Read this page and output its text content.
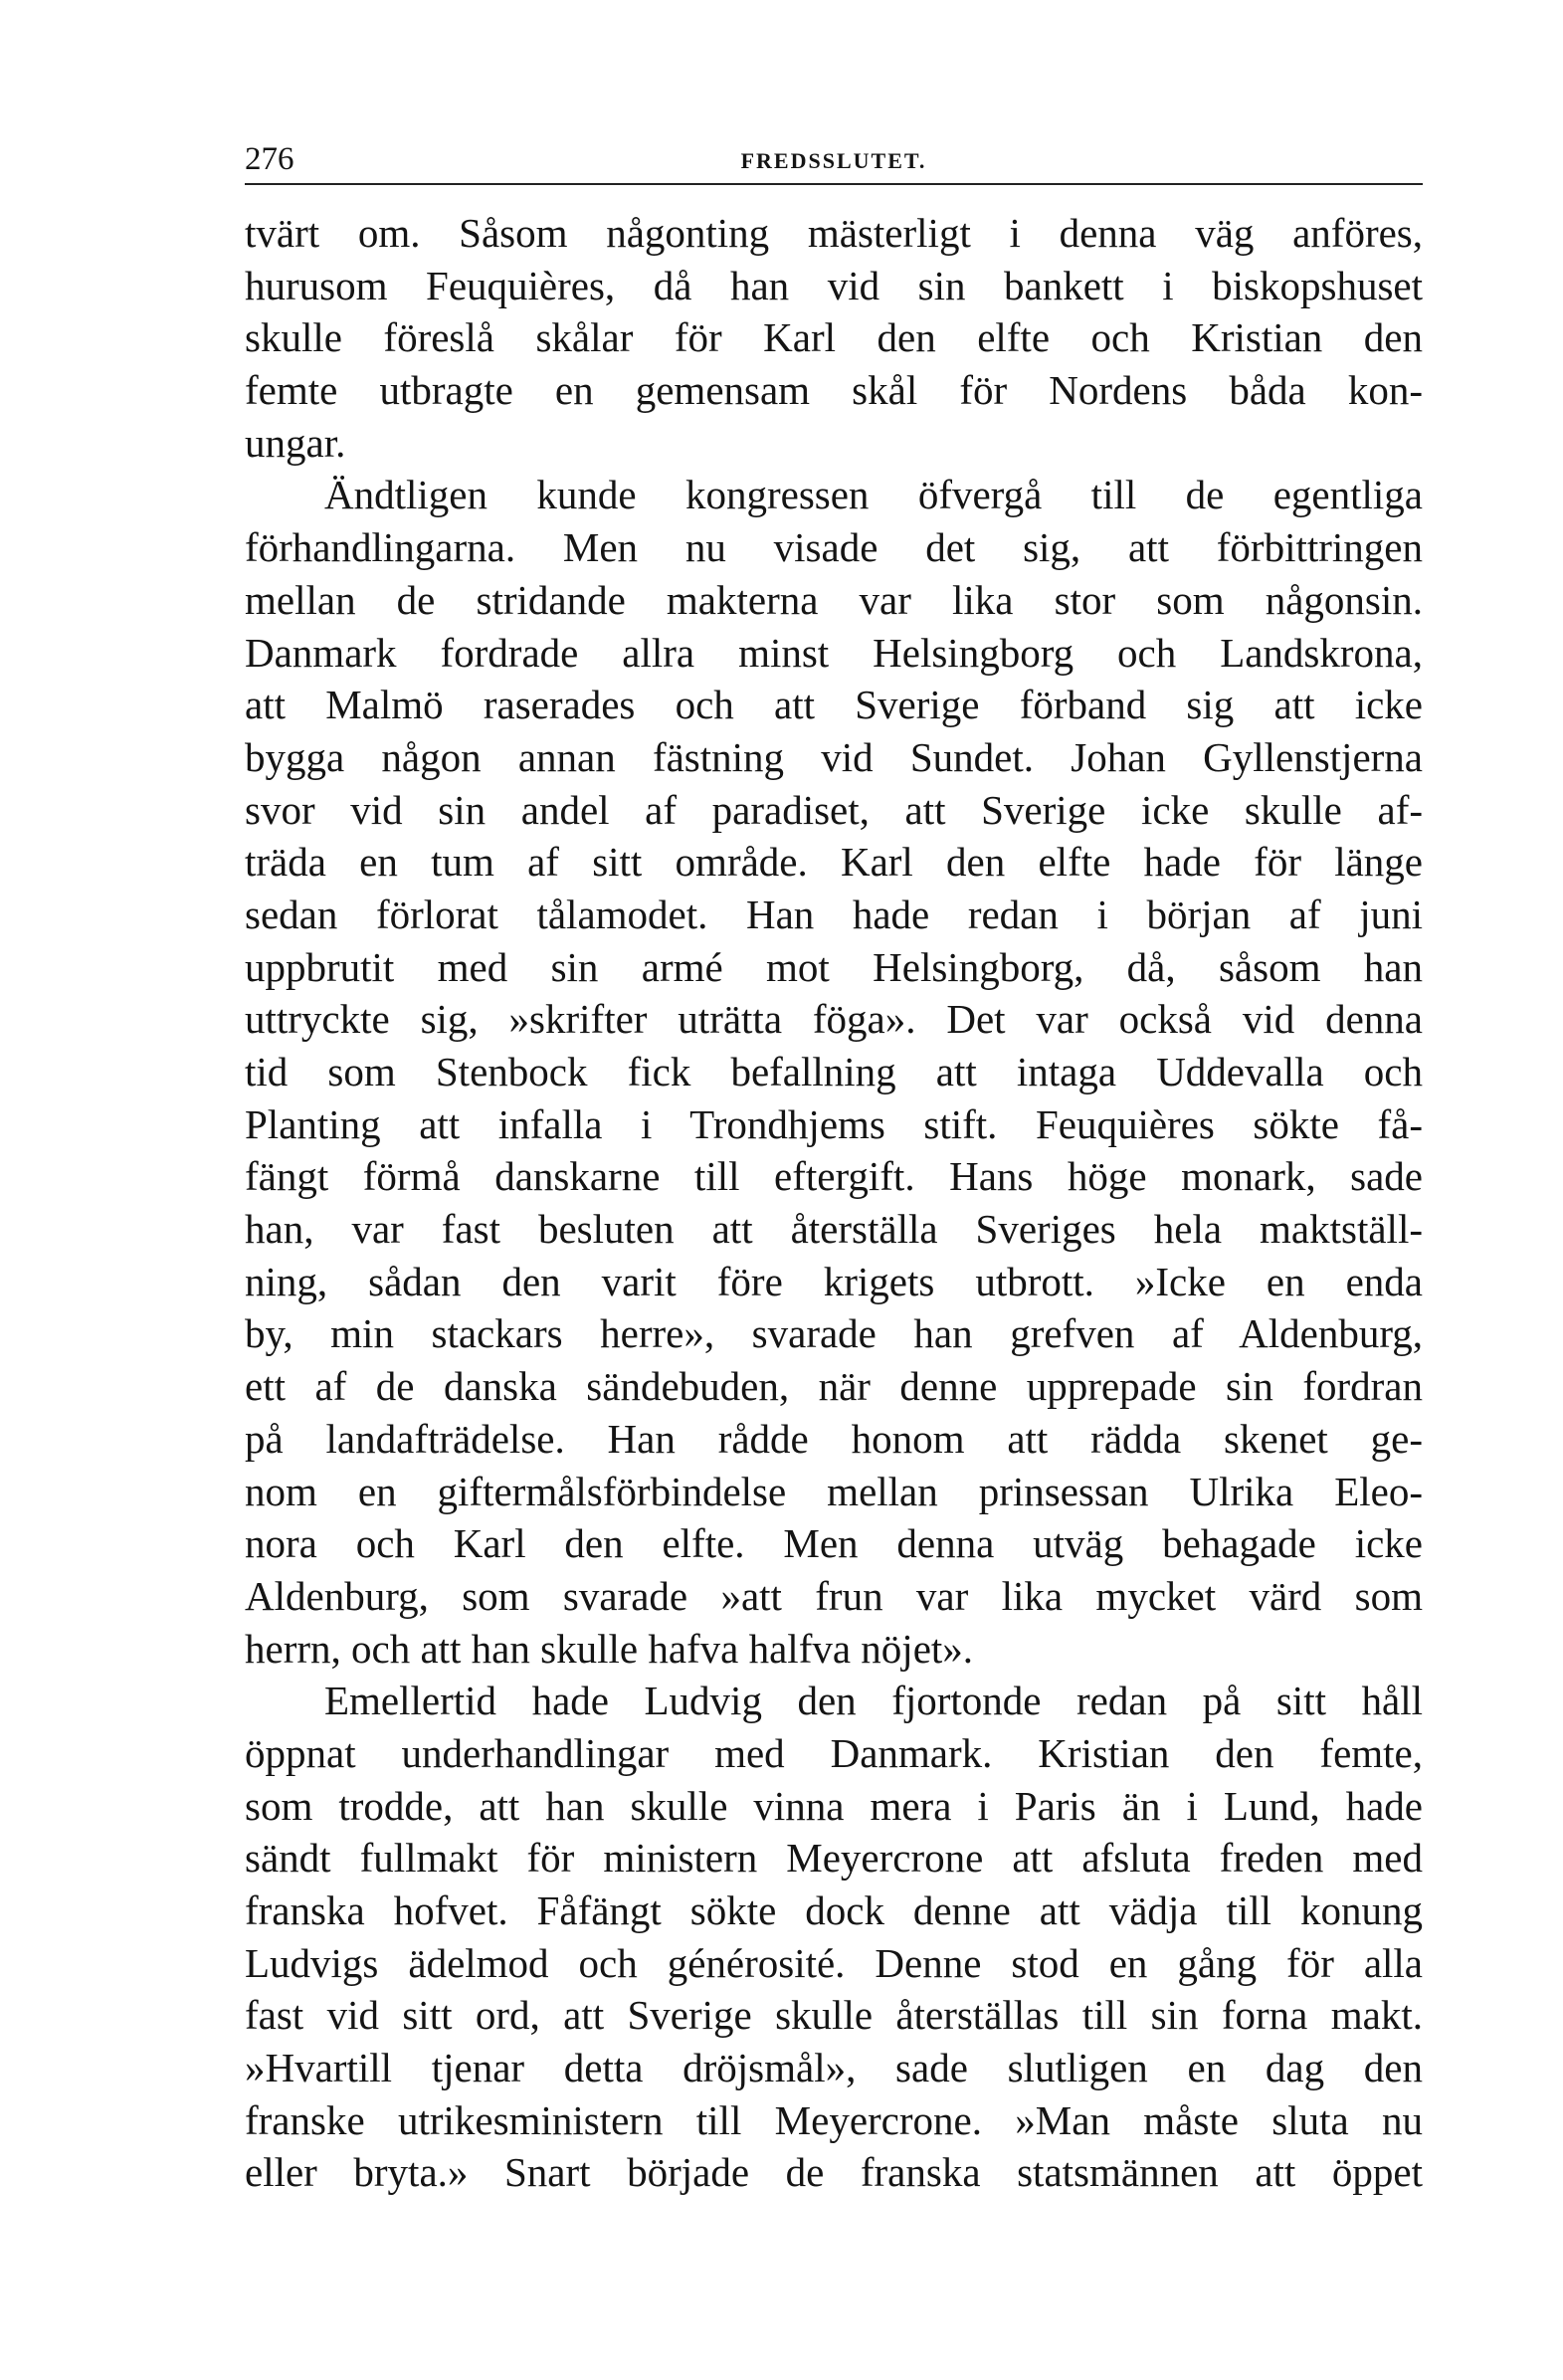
276	FREDSSLUTET.
tvärt om. Såsom någonting mästerligt i denna väg anföres,
hurusom Feuquières, då han vid sin bankett i biskopshuset
skulle föreslå skålar för Karl den elfte och Kristian den
femte utbragte en gemensam skål för Nordens båda kon-
ungar.
Ändtligen kunde kongressen öfvergå till de egentliga
förhandlingarna. Men nu visade det sig, att förbittringen
mellan de stridande makterna var lika stor som någonsin.
Danmark fordrade allra minst Helsingborg och Landskrona,
att Malmö raserades och att Sverige förband sig att icke
bygga någon annan fästning vid Sundet. Johan Gyllenstjerna
svor vid sin andel af paradiset, att Sverige icke skulle af-
träda en tum af sitt område. Karl den elfte hade för länge
sedan förlorat tålamodet. Han hade redan i början af juni
uppbrutit med sin armé mot Helsingborg, då, såsom han
uttryckte sig, »skrifter uträtta föga». Det var också vid denna
tid som Stenbock fick befallning att intaga Uddevalla och
Planting att infalla i Trondhjems stift. Feuquières sökte få-
fängt förmå danskarne till eftergift. Hans höge monark, sade
han, var fast besluten att återställa Sveriges hela maktställ-
ning, sådan den varit före krigets utbrott. »Icke en enda
by, min stackars herre», svarade han grefven af Aldenburg,
ett af de danska sändebuden, när denne upprepade sin fordran
på landafträdelse. Han rådde honom att rädda skenet ge-
nom en giftermålsförbindelse mellan prinsessan Ulrika Eleo-
nora och Karl den elfte. Men denna utväg behagade icke
Aldenburg, som svarade »att frun var lika mycket värd som
herrn, och att han skulle hafva halfva nöjet».
Emellertid hade Ludvig den fjortonde redan på sitt håll
öppnat underhandlingar med Danmark. Kristian den femte,
som trodde, att han skulle vinna mera i Paris än i Lund, hade
sändt fullmakt för ministern Meyercrone att afsluta freden med
franska hofvet. Fåfängt sökte dock denne att vädja till konung
Ludvigs ädelmod och générosité. Denne stod en gång för alla
fast vid sitt ord, att Sverige skulle återställas till sin forna makt.
»Hvartill tjenar detta dröjsmål», sade slutligen en dag den
franske utrikesministern till Meyercrone. »Man måste sluta nu
eller bryta.» Snart började de franska statsmännen att öppet
